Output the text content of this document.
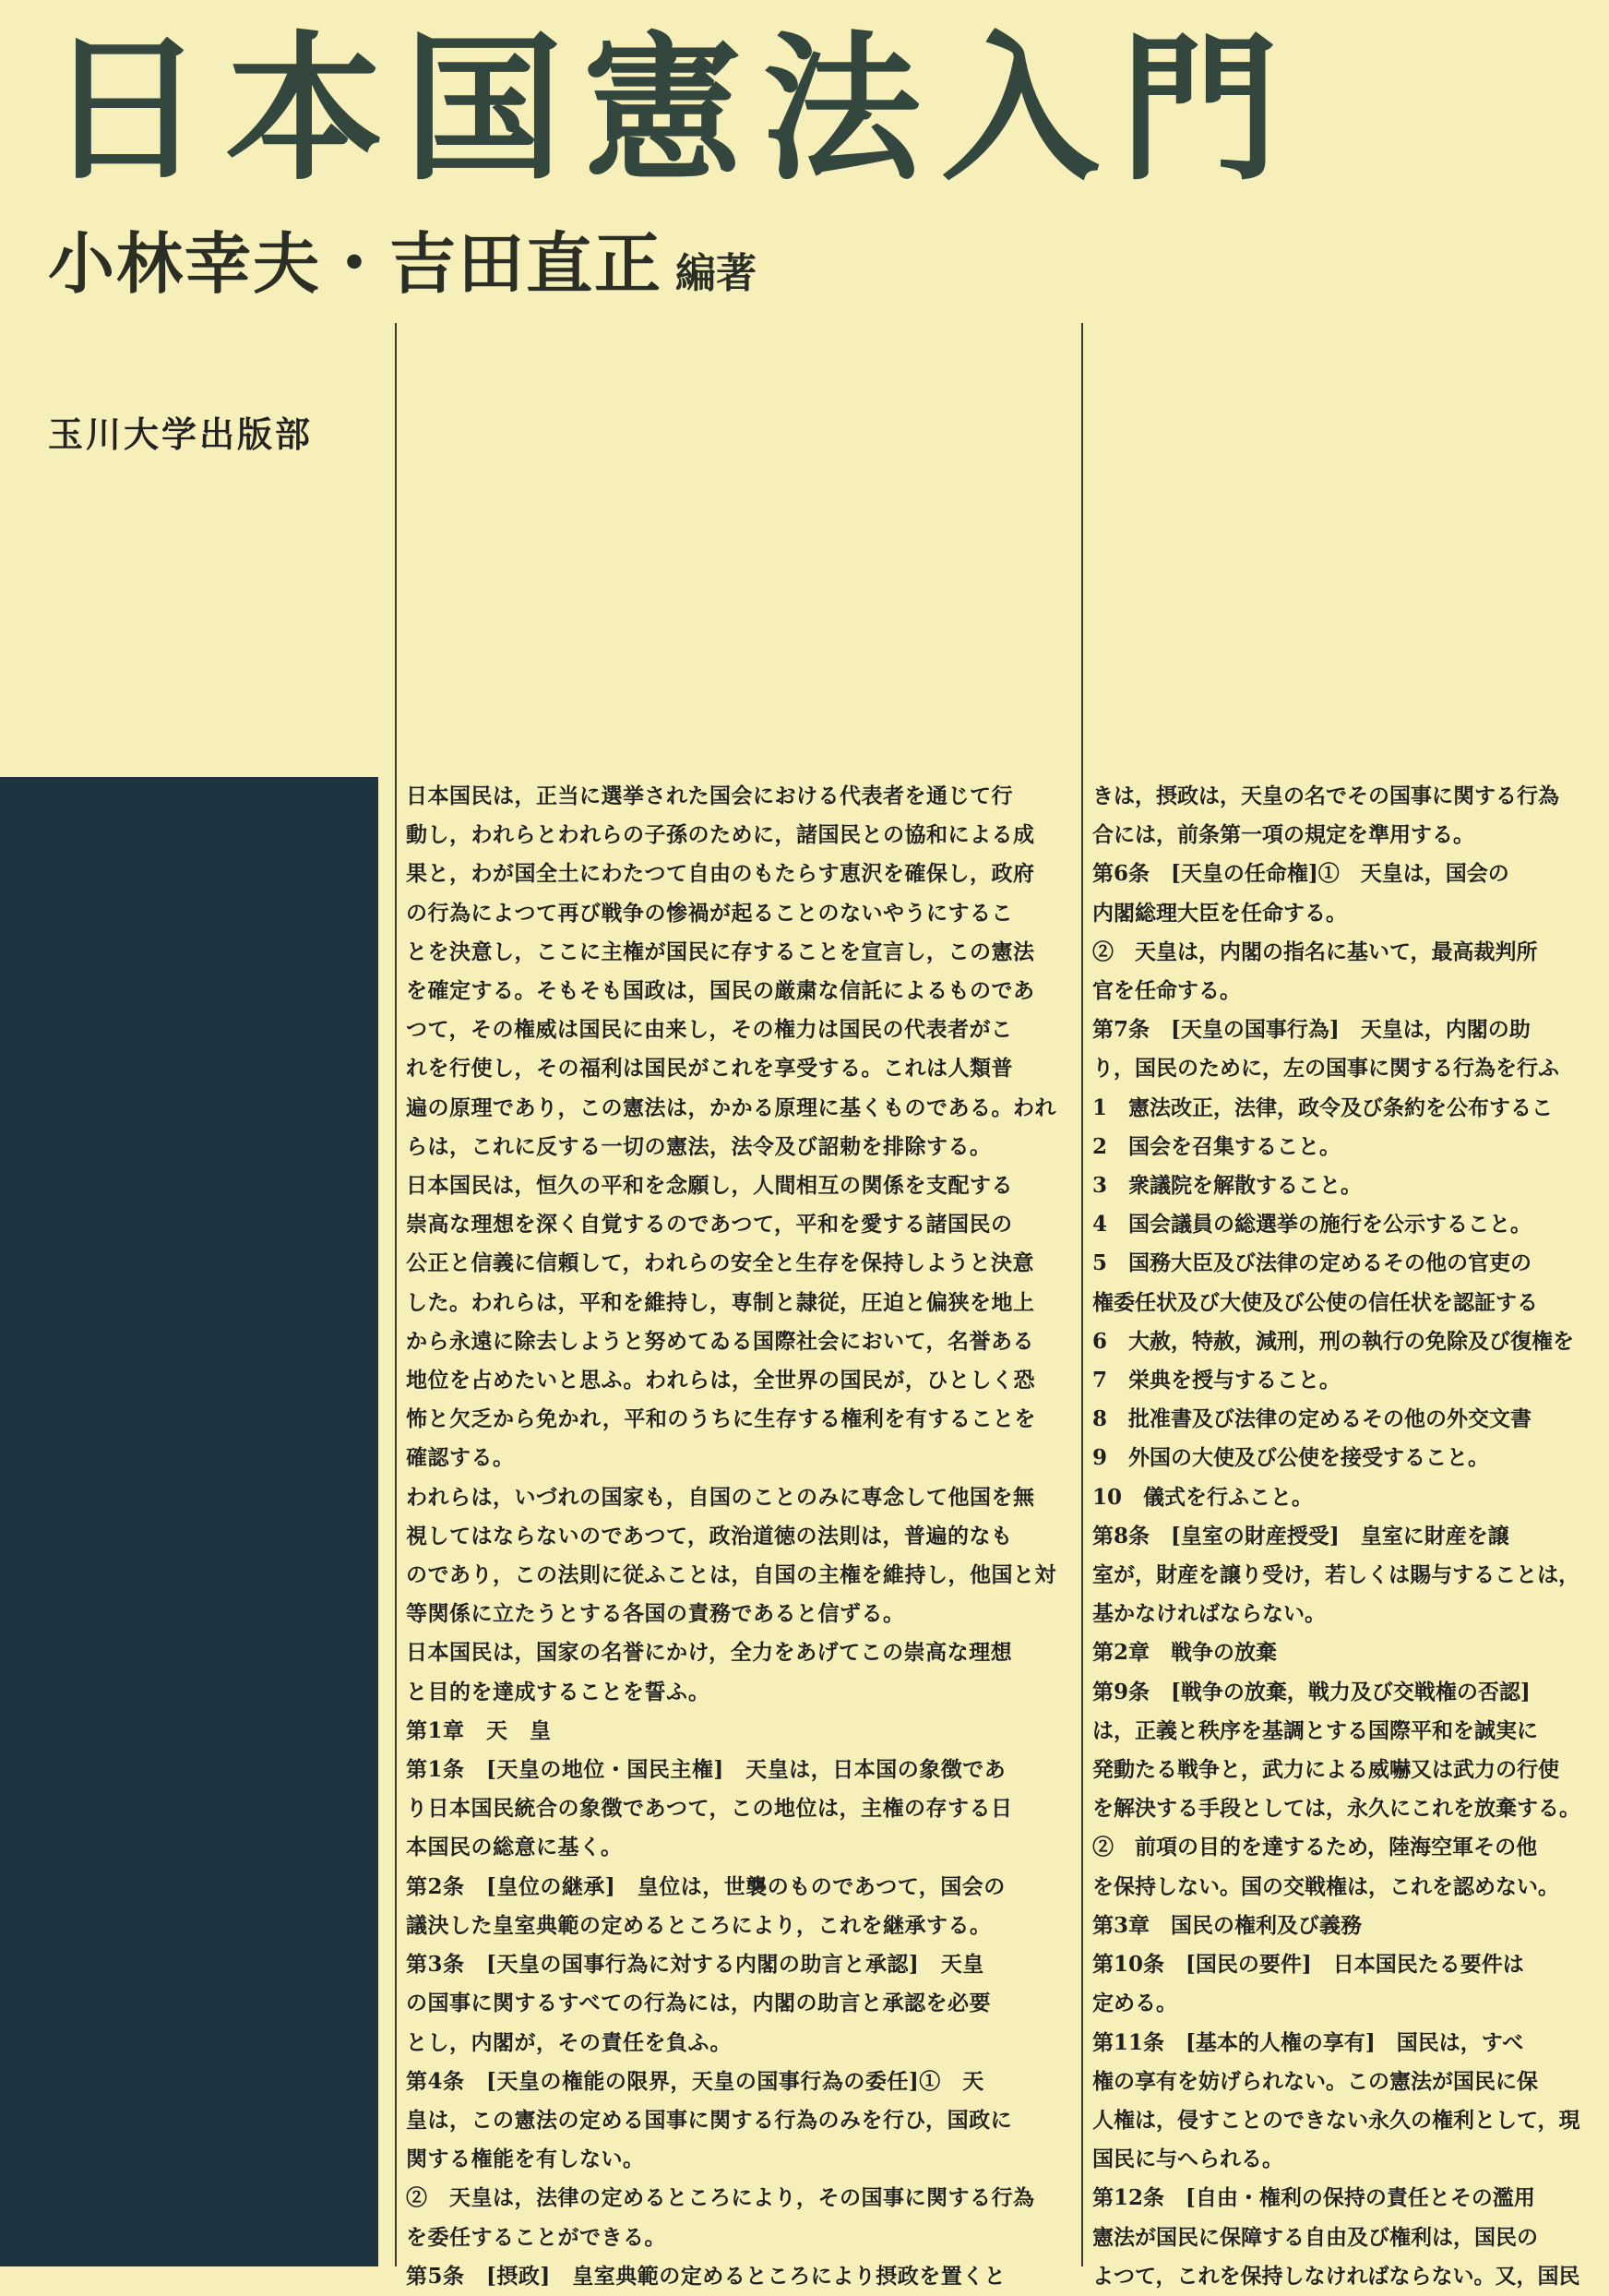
日本国憲法入門
小林幸夫・吉田直正 編著
玉川大学出版部

日本国民は，正当に選挙された国会における代表者を通じて行

動し，われらとわれらの子孫のために，諸国民との協和による成

果と，わが国全土にわたつて自由のもたらす恵沢を確保し，政府

の行為によつて再び戦争の惨禍が起ることのないやうにするこ

とを決意し，ここに主権が国民に存することを宣言し，この憲法

を確定する。そもそも国政は，国民の厳粛な信託によるものであ

つて，その権威は国民に由来し，その権力は国民の代表者がこ

れを行使し，その福利は国民がこれを享受する。これは人類普

遍の原理であり，この憲法は，かかる原理に基くものである。われ

らは，これに反する一切の憲法，法令及び詔勅を排除する。

日本国民は，恒久の平和を念願し，人間相互の関係を支配する

崇高な理想を深く自覚するのであつて，平和を愛する諸国民の

公正と信義に信頼して，われらの安全と生存を保持しようと決意

した。われらは，平和を維持し，専制と隷従，圧迫と偏狭を地上

から永遠に除去しようと努めてゐる国際社会において，名誉ある

地位を占めたいと思ふ。われらは，全世界の国民が，ひとしく恐

怖と欠乏から免かれ，平和のうちに生存する権利を有することを

確認する。

われらは，いづれの国家も，自国のことのみに専念して他国を無

視してはならないのであつて，政治道徳の法則は，普遍的なも

のであり，この法則に従ふことは，自国の主権を維持し，他国と対

等関係に立たうとする各国の責務であると信ずる。

日本国民は，国家の名誉にかけ，全力をあげてこの崇高な理想

と目的を達成することを誓ふ。

第1章　天　皇

第1条　[天皇の地位・国民主権]　天皇は，日本国の象徴であ

り日本国民統合の象徴であつて，この地位は，主権の存する日

本国民の総意に基く。

第2条　[皇位の継承]　皇位は，世襲のものであつて，国会の

議決した皇室典範の定めるところにより，これを継承する。

第3条　[天皇の国事行為に対する内閣の助言と承認]　天皇

の国事に関するすべての行為には，内閣の助言と承認を必要

とし，内閣が，その責任を負ふ。

第4条　[天皇の権能の限界，天皇の国事行為の委任]①　天

皇は，この憲法の定める国事に関する行為のみを行ひ，国政に

関する権能を有しない。

②　天皇は，法律の定めるところにより，その国事に関する行為

を委任することができる。

第5条　[摂政]　皇室典範の定めるところにより摂政を置くと

きは，摂政は，天皇の名でその国事に関する行為

合には，前条第一項の規定を準用する。

第6条　[天皇の任命権]①　天皇は，国会の

内閣総理大臣を任命する。

②　天皇は，内閣の指名に基いて，最高裁判所

官を任命する。

第7条　[天皇の国事行為]　天皇は，内閣の助

り，国民のために，左の国事に関する行為を行ふ

1　憲法改正，法律，政令及び条約を公布するこ

2　国会を召集すること。

3　衆議院を解散すること。

4　国会議員の総選挙の施行を公示すること。

5　国務大臣及び法律の定めるその他の官吏の

権委任状及び大使及び公使の信任状を認証する

6　大赦，特赦，減刑，刑の執行の免除及び復権を

7　栄典を授与すること。

8　批准書及び法律の定めるその他の外交文書

9　外国の大使及び公使を接受すること。

10　儀式を行ふこと。

第8条　[皇室の財産授受]　皇室に財産を譲

室が，財産を譲り受け，若しくは賜与することは，

基かなければならない。

第2章　戦争の放棄

第9条　[戦争の放棄，戦力及び交戦権の否認]

は，正義と秩序を基調とする国際平和を誠実に

発動たる戦争と，武力による威嚇又は武力の行使

を解決する手段としては，永久にこれを放棄する。

②　前項の目的を達するため，陸海空軍その他

を保持しない。国の交戦権は，これを認めない。

第3章　国民の権利及び義務

第10条　[国民の要件]　日本国民たる要件は

定める。

第11条　[基本的人権の享有]　国民は，すべ

権の享有を妨げられない。この憲法が国民に保

人権は，侵すことのできない永久の権利として，現

国民に与へられる。

第12条　[自由・権利の保持の責任とその濫用

憲法が国民に保障する自由及び権利は，国民の

よつて，これを保持しなければならない。又，国民
